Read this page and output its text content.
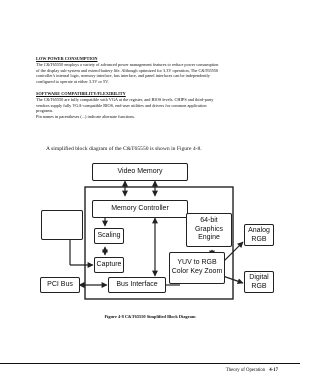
LOW POWER CONSUMPTION
The C&T65550 employs a variety of advanced power management features to reduce power consumption
of the display sub-system and extend battery life. Although optimized for 3.3V operation, The C&T65550
controller's internal logic, memory interface, bus interface, and panel interfaces can be independently
configured to operate at either 3.3V or 5V.
SOFTWARE COMPATIBILITY/FLEXIBILITY
The C&T65550 are fully compatible with VGA at the register, and BIOS levels. CHIPS and third-party
vendors supply fully VGA-compatible BIOS, end-user utilities and drivers for common application
programs.
Pin names in parentheses (...) indicate alternate functions.
A simplified block diagram of the C&T65550 is shown in Figure 4-8.
Video Memory
Memory Controller
64-bit
Graphics
Engine
Scaling
Capture	YUV to RGB
Color Key Zoom
Analog
RGB
Digital
RGB
PCI Bus	Bus Interface
Figure 4-8 C&T65550 Simplified Block Diagram
Theory of Operation 4-17
